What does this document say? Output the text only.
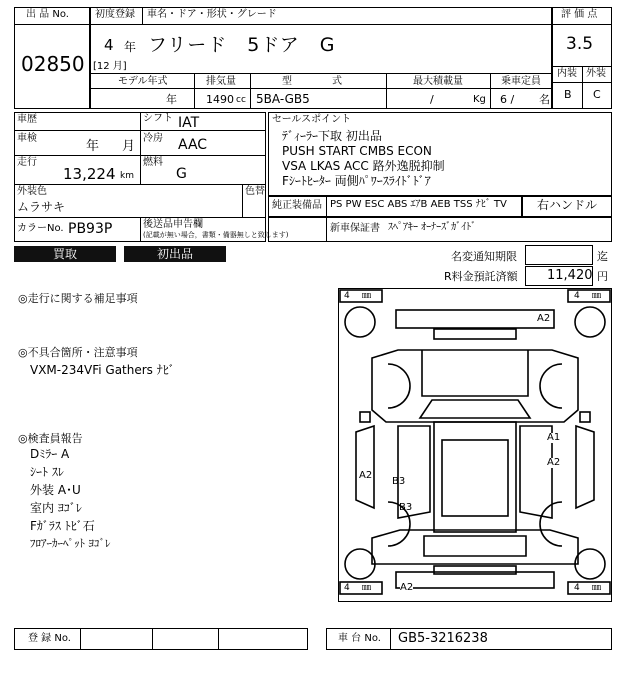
出 品 No.
02850
初度登録 車名・ドア・形状・グレード
4 年
[12 月]
フリード　5ドア　G
モデル年式	排気量	型　　　　式	最大積載量	乗車定員
年	1490 cc 5BA-GB5	/	Kg 6 / 名
評 価 点
3.5
内装 外装
B C
車歴	シフト IAT
車検
年 月
冷房 AAC
走行
13,224 km
燃料
G
外装色
ムラサキ
色替
カラーNo. PB93P	後送品申告欄
(記載が無い場合，書類・備器無しと致します)
セールスポイント
ﾃﾞｨｰﾗｰ下取 初出品
PUSH START CMBS ECON
VSA LKAS ACC 路外逸脱抑制
Fｼｰﾄﾋｰﾀｰ 両側ﾊﾟﾜｰｽﾗｲﾄﾞﾄﾞｱ
純正装備品 PS PW ESC ABS ｴｱB AEB TSS ﾅﾋﾞ TV	右ハンドル
新車保証書 ｽﾍﾟｱｷｰ ｵｰﾅｰｽﾞｶﾞｲﾄﾞ
買取	初出品	名変通知期限	迄
R料金預託済額 11,420 円
◎走行に関する補足事項
◎不具合箇所・注意事項
VXM-234VFi Gathers ﾅﾋﾞ
◎検査員報告
Dﾐﾗｰ A
ｼｰﾄ ｽﾚ
外装 A･U
室内 ﾖｺﾞﾚ
Fｶﾞﾗｽ ﾄﾋﾞ石
ﾌﾛｱｰｶｰﾍﾟｯﾄ ﾖｺﾞﾚ
4 ㎜	4 ㎜
4 ㎜	4 ㎜
A2
A1
A2
A2
B3
B3
A2
登 録 No.	車 台 No. GB5-3216238
